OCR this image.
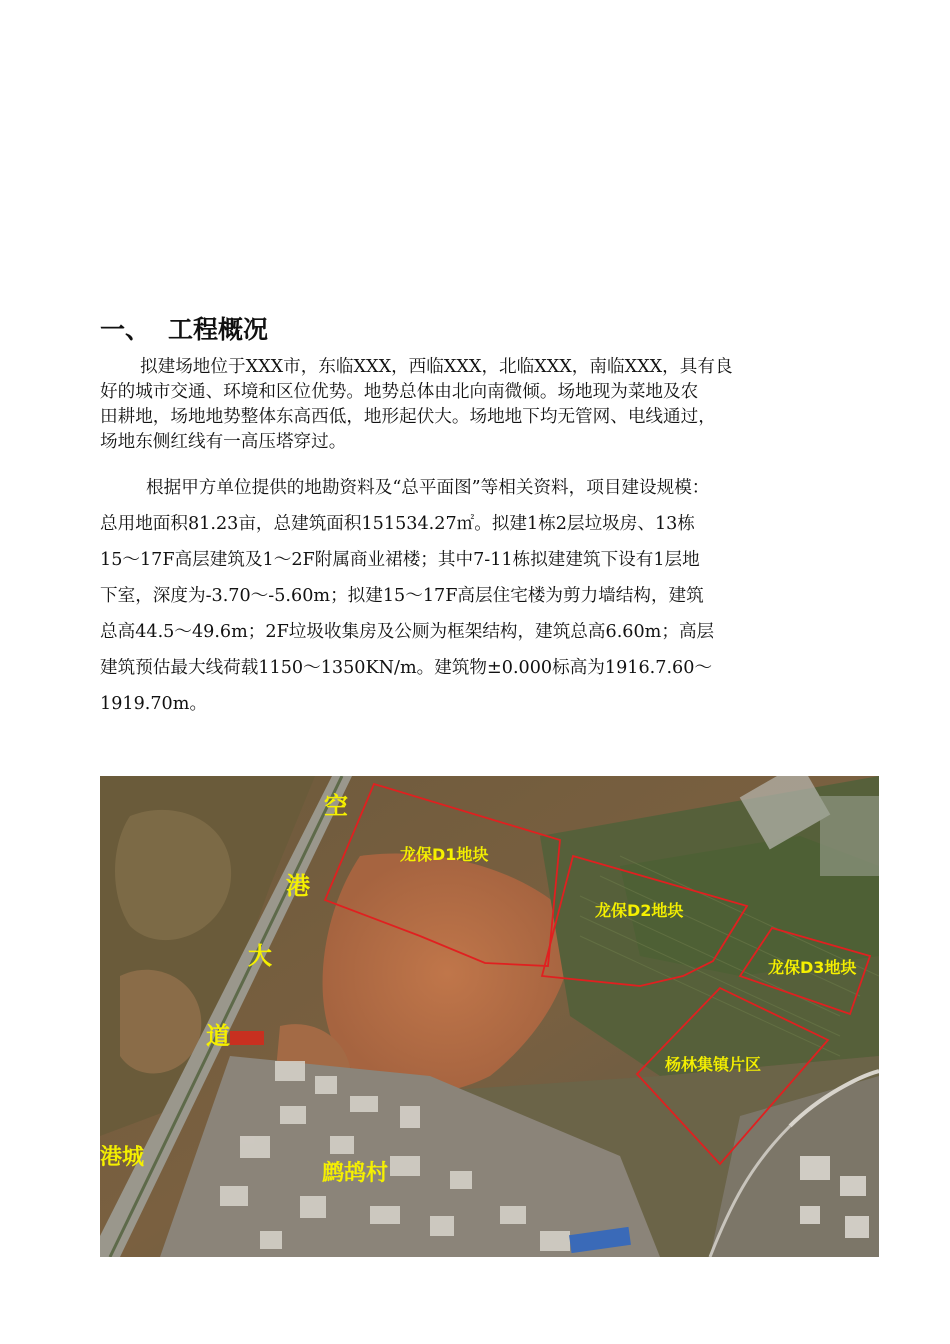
一、 工程概况
拟建场地位于XXX市，东临XXX，西临XXX，北临XXX，南临XXX，具有良
好的城市交通、环境和区位优势。地势总体由北向南微倾。场地现为菜地及农
田耕地，场地地势整体东高西低，地形起伏大。场地地下均无管网、电线通过，
场地东侧红线有一高压塔穿过。
根据甲方单位提供的地勘资料及“总平面图”等相关资料，项目建设规模：
总用地面积81.23亩，总建筑面积151534.27㎡。拟建1栋2层垃圾房、13栋
15～17F高层建筑及1～2F附属商业裙楼；其中7-11栋拟建建筑下设有1层地
下室，深度为-3.70～-5.60m；拟建15～17F高层住宅楼为剪力墙结构，建筑
总高44.5～49.6m；2F垃圾收集房及公厕为框架结构，建筑总高6.60m；高层
建筑预估最大线荷载1150～1350KN/m。建筑物±0.000标高为1916.7.60～
1919.70m。
空
港
大
道
龙保D1地块
龙保D2地块
龙保D3地块
杨林集镇片区
港城
鹧鸪村
